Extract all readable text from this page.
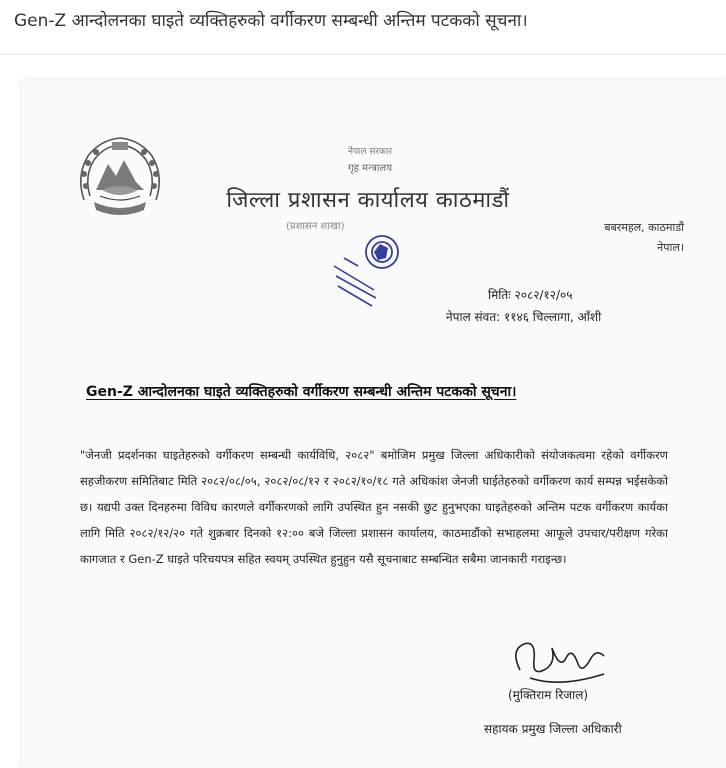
Gen-Z आन्दोलनका घाइते व्यक्तिहरुको वर्गीकरण सम्बन्धी अन्तिम पटकको सूचना।
नेपाल सरकार
गृह मन्त्रालय
जिल्ला प्रशासन कार्यालय काठमाडौं
(प्रशासन शाखा)	बबरमहल, काठमाडौं
नेपाल।
मितिः २०८२/१२/०५
नेपाल संवत: ११४६ चिल्लागा, आँशी
Gen-Z आन्दोलनका घाइते व्यक्तिहरुको वर्गीकरण सम्बन्धी अन्तिम पटकको सूचना।
"जेनजी प्रदर्शनका घाइतेहरुको वर्गीकरण सम्बन्धी कार्यविधि, २०८२" बमोजिम प्रमुख जिल्ला अधिकारीको संयोजकत्वमा रहेको वर्गीकरण सहजीकरण समितिबाट मिति २०८२/०८/०५, २०८२/०८/१२ र २०८२/१०/१८ गते अधिकांश जेनजी घाईतेहरुको वर्गीकरण कार्य सम्पन्न भईसकेको छ। यद्यपी उक्त दिनहरुमा विविध कारणले वर्गीकरणको लागि उपस्थित हुन नसकी छुट हुनुभएका घाइतेहरुको अन्तिम पटक वर्गीकरण कार्यका लागि मिति २०८२/१२/२० गते शुक्रबार दिनको १२:०० बजे जिल्ला प्रशासन कार्यालय, काठमाडौंको सभाहलमा आफूले उपचार/परीक्षण गरेका कागजात र Gen-Z घाइते परिचयपत्र सहित स्वयम् उपस्थित हुनुहुन यसै सूचनाबाट सम्बन्धित सबैमा जानकारी गराइन्छ।
(मुक्तिराम रिजाल)
सहायक प्रमुख जिल्ला अधिकारी
